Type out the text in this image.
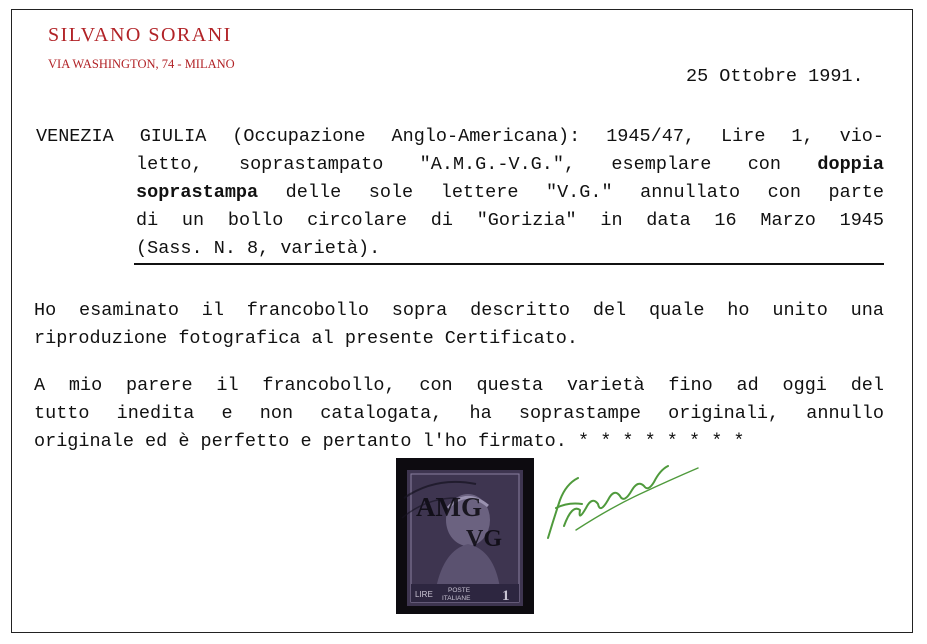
SILVANO SORANI
VIA WASHINGTON, 74 - MILANO
25 Ottobre 1991.
VENEZIA GIULIA (Occupazione Anglo-Americana): 1945/47, Lire 1, vio-
letto, soprastampato "A.M.G.-V.G.", esemplare con doppia
soprastampa delle sole lettere "V.G." annullato con parte
di un bollo circolare di "Gorizia" in data 16 Marzo 1945
(Sass. N. 8, varietà).
Ho esaminato il francobollo sopra descritto del quale ho unito una
riproduzione fotografica al presente Certificato.
A mio parere il francobollo, con questa varietà fino ad oggi del
tutto inedita e non catalogata, ha soprastampe originali, annullo
originale ed è perfetto e pertanto l'ho firmato. * * * * * * * *
AMG
VG
LIRE POSTE
ITALIANE 1
